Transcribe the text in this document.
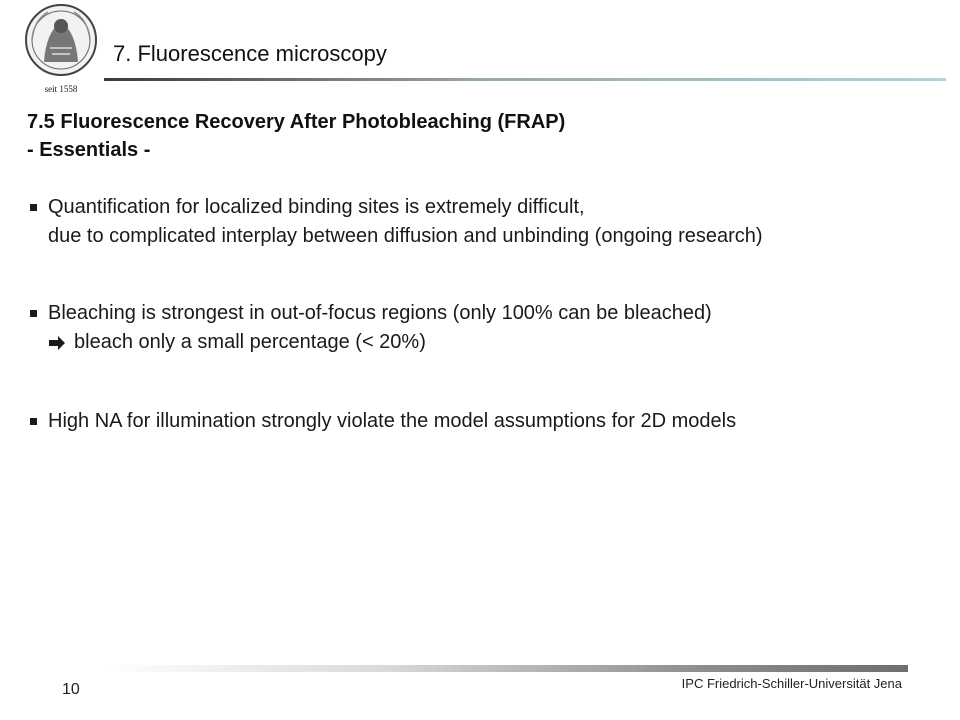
seit 1558
7. Fluorescence microscopy
7.5 Fluorescence Recovery After Photobleaching (FRAP)
- Essentials -
Quantification for localized binding sites is extremely difficult,
due to complicated interplay between diffusion and unbinding (ongoing research)
Bleaching is strongest in out-of-focus regions (only 100% can be bleached)
bleach only a small percentage (< 20%)
High NA for illumination strongly violate the model assumptions for 2D models
10	IPC Friedrich-Schiller-Universität Jena
